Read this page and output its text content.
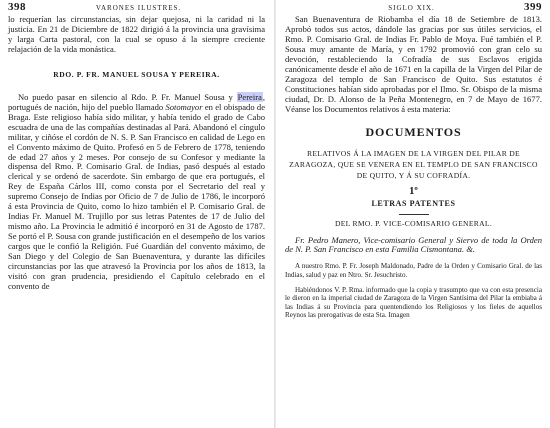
398	VARONES ILUSTRES.

lo requerían las circunstancias, sin dejar quejosa, ni la caridad ni la justicia. En 21 de Diciembre de 1822 dirigió á la provincia una gravísima y larga Carta pastoral, con la cual se opuso á la siempre creciente relajación de la vida monástica.

RDO. P. FR. MANUEL SOUSA Y PEREIRA.

No puedo pasar en silencio al Rdo. P. Fr. Manuel Sousa y Pereira, portugués de nación, hijo del pueblo llamado Sotomayor en el obispado de Braga. Este religioso había sido militar, y había tenido el grado de Cabo escuadra de una de las compañías destinadas al Pará. Abandonó el cíngulo militar, y ciñóse el cordón de N. S. P. San Francisco en calidad de Lego en el Convento máximo de Quito. Profesó en 5 de Febrero de 1778, teniendo de edad 27 años y 2 meses. Por consejo de su Confesor y mediante la dispensa del Rmo. P. Comisario Gral. de Indias, pasó después al estado clerical y se ordenó de sacerdote. Sin embargo de que era portugués, el Rey de España Cárlos III, como consta por el Secretario del real y supremo Consejo de Indias por Oficio de 7 de Julio de 1786, le incorporó á esta Provincia de Quito, como lo hizo también el P. Comisario Gral. de Indias Fr. Manuel M. Trujillo por sus letras Patentes de 17 de Julio del mismo año. La Provincia le admitió é incorporó en 31 de Agosto de 1787. Se portó el P. Sousa con grande justificación en el desempeño de los varios cargos que le confió la Religión. Fué Guardián del convento máximo, de San Diego y del Colegio de San Buenaventura, y durante las difíciles circunstancias por las que atravesó la Provincia por los años de 1813, la visitó con gran prudencia, presidiendo el Capítulo celebrado en el convento de

SIGLO XIX.	399

San Buenaventura de Riobamba el día 18 de Setiembre de 1813. Aprobó todos sus actos, dándole las gracias por sus útiles servicios, el Rmo. P. Comisario Gral. de Indias Fr. Pablo de Moya. Fué también el P. Sousa muy amante de María, y en 1792 promovió con gran celo su devoción, restableciendo la Cofradía de sus Esclavos erigida canónicamente desde el año de 1671 en la capilla de la Virgen del Pilar de Zaragoza del templo de San Francisco de Quito. Sus estatutos é Constituciones habían sido aprobadas por el Ilmo. Sr. Obispo de la misma ciudad, Dr. D. Alonso de la Peña Montenegro, en 7 de Mayo de 1677. Véanse los Documentos relativos á esta materia:

DOCUMENTOS
RELATIVOS Á LA IMAGEN DE LA VIRGEN DEL PILAR DE ZARAGOZA, QUE SE VENERA EN EL TEMPLO DE SAN FRANCISCO DE QUITO, Y Á SU COFRADÍA.
1º
LETRAS PATENTES
DEL RMO. P. VICE-COMISARIO GENERAL.
Fr. Pedro Manero, Vice-comisario General y Siervo de toda la Orden de N. P. San Francisco en esta Familia Cismontana. &.

A nuestro Rmo. P. Fr. Joseph Maldonado, Padre de la Orden y Comisario Gral. de las Indias, salud y paz en Ntro. Sr. Jesuchristo.

Habiéndonos V. P. Rma. informado que la copia y trasumpto que va con esta presencia le dieron en la imperial ciudad de Zaragoza de la Virgen Santísima del Pilar la embiaba á las Indias á su Provincia para quentendiendo los Religiosos y los fieles de aquellos Reynos las prerogativas de esta Sta. Imagen
